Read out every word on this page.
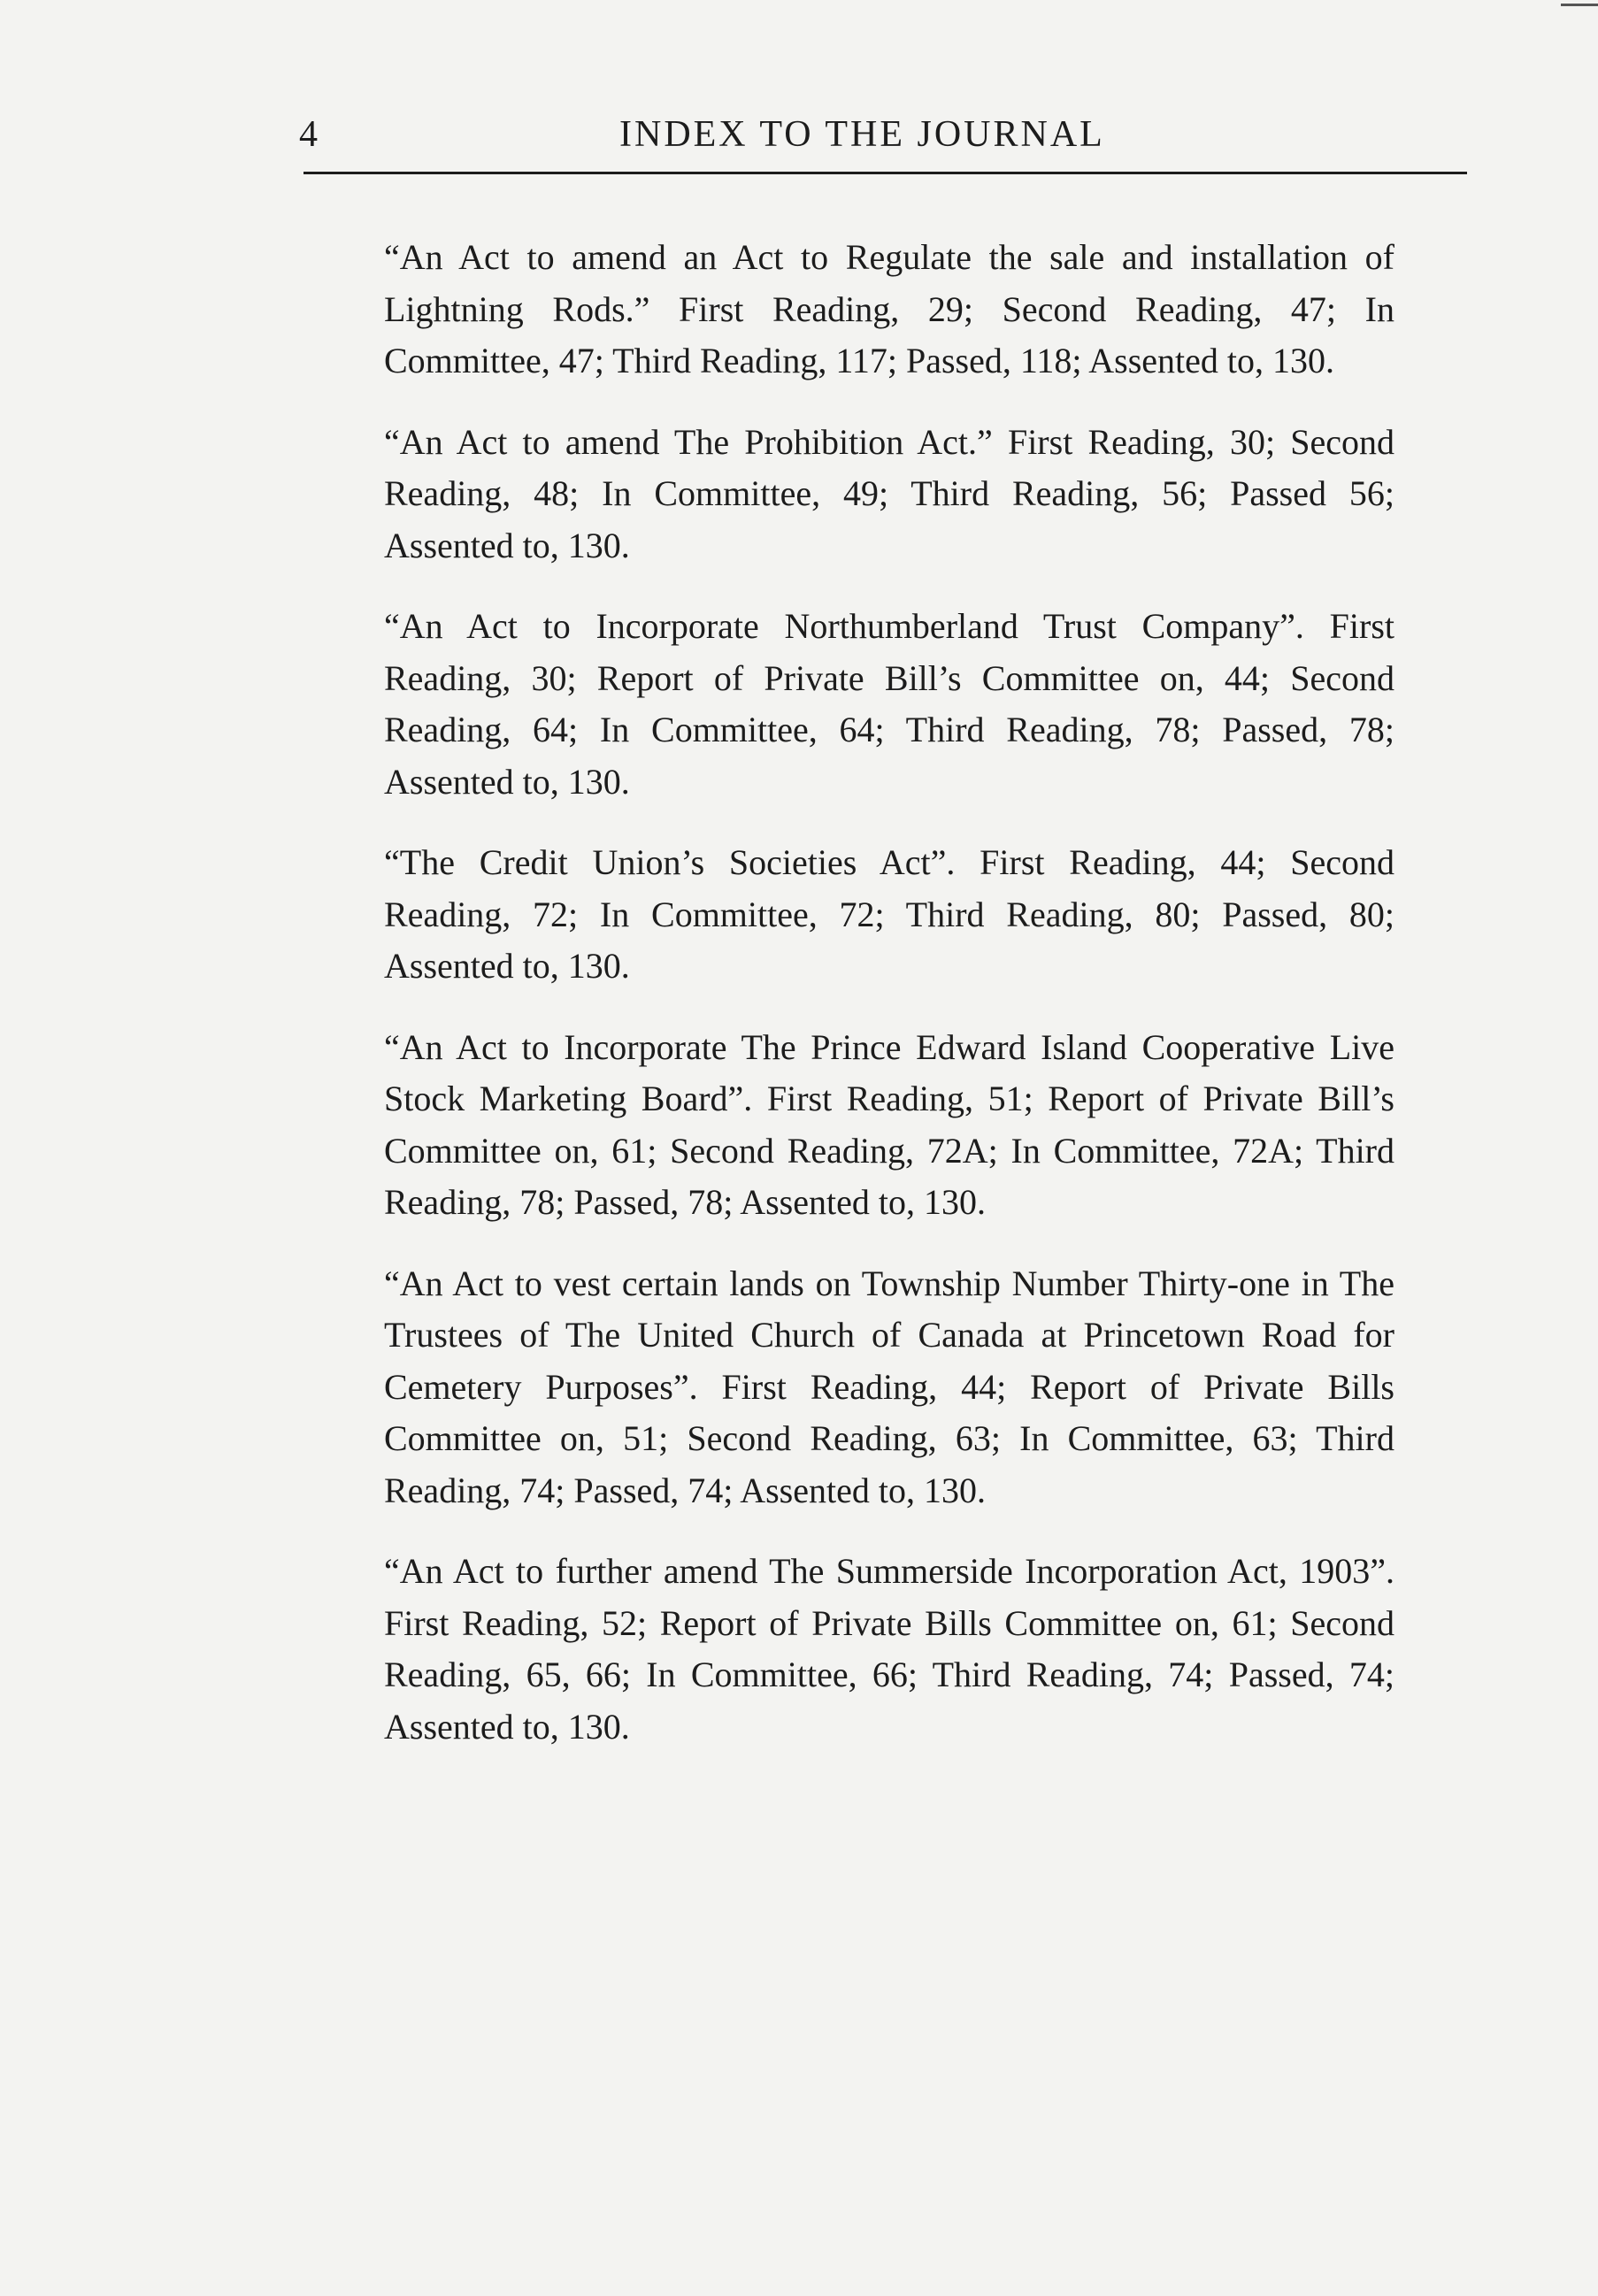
4	INDEX TO THE JOURNAL

“An Act to amend an Act to Regulate the sale and installation of Lightning Rods.” First Reading, 29; Second Reading, 47; In Committee, 47; Third Reading, 117; Passed, 118; Assented to, 130.

“An Act to amend The Prohibition Act.” First Reading, 30; Second Reading, 48; In Committee, 49; Third Reading, 56; Passed 56; Assented to, 130.

“An Act to Incorporate Northumberland Trust Company”. First Reading, 30; Report of Private Bill’s Committee on, 44; Second Reading, 64; In Committee, 64; Third Reading, 78; Passed, 78; Assented to, 130.

“The Credit Union’s Societies Act”. First Reading, 44; Second Reading, 72; In Committee, 72; Third Reading, 80; Passed, 80; Assented to, 130.

“An Act to Incorporate The Prince Edward Island Cooperative Live Stock Marketing Board”. First Reading, 51; Report of Private Bill’s Committee on, 61; Second Reading, 72A; In Committee, 72A; Third Reading, 78; Passed, 78; Assented to, 130.

“An Act to vest certain lands on Township Number Thirty-one in The Trustees of The United Church of Canada at Princetown Road for Cemetery Purposes”. First Reading, 44; Report of Private Bills Committee on, 51; Second Reading, 63; In Committee, 63; Third Reading, 74; Passed, 74; Assented to, 130.

“An Act to further amend The Summerside Incorporation Act, 1903”. First Reading, 52; Report of Private Bills Committee on, 61; Second Reading, 65, 66; In Committee, 66; Third Reading, 74; Passed, 74; Assented to, 130.
